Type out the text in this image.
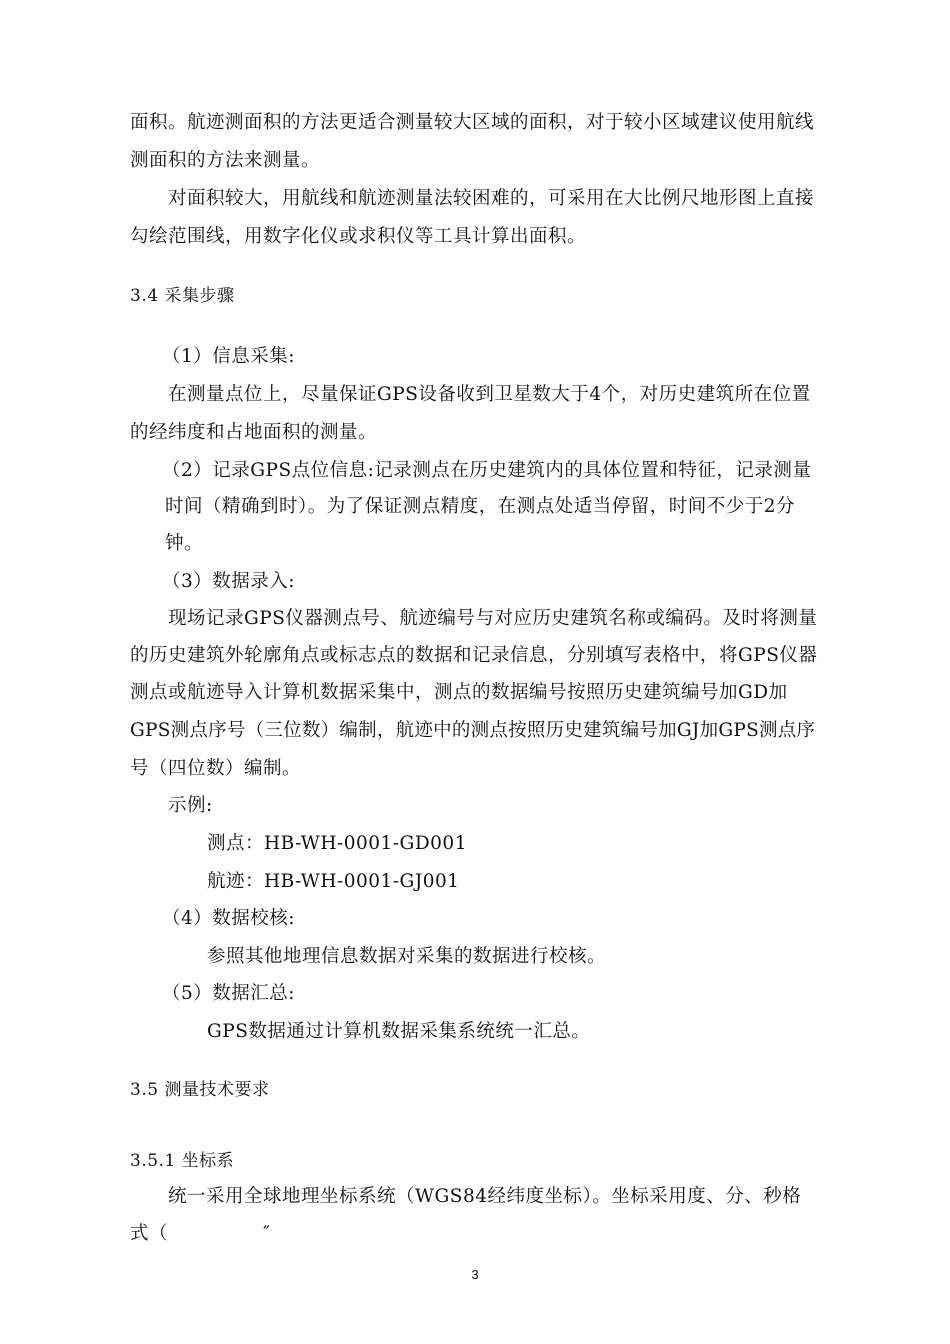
面积。航迹测面积的方法更适合测量较大区域的面积，对于较小区域建议使用航线
测面积的方法来测量。
对面积较大，用航线和航迹测量法较困难的，可采用在大比例尺地形图上直接
勾绘范围线，用数字化仪或求积仪等工具计算出面积。
3.4 采集步骤
（1）信息采集:
在测量点位上，尽量保证GPS设备收到卫星数大于4个，对历史建筑所在位置
的经纬度和占地面积的测量。
（2）记录GPS点位信息:记录测点在历史建筑内的具体位置和特征，记录测量
时间（精确到时）。为了保证测点精度，在测点处适当停留，时间不少于2分
钟。
（3）数据录入:
现场记录GPS仪器测点号、航迹编号与对应历史建筑名称或编码。及时将测量
的历史建筑外轮廓角点或标志点的数据和记录信息，分别填写表格中，将GPS仪器
测点或航迹导入计算机数据采集中，测点的数据编号按照历史建筑编号加GD加
GPS测点序号（三位数）编制，航迹中的测点按照历史建筑编号加GJ加GPS测点序
号（四位数）编制。
示例:
测点：HB-WH-0001-GD001
航迹：HB-WH-0001-GJ001
（4）数据校核:
参照其他地理信息数据对采集的数据进行校核。
（5）数据汇总:
GPS数据通过计算机数据采集系统统一汇总。
3.5 测量技术要求
3.5.1 坐标系
统一采用全球地理坐标系统（WGS84经纬度坐标）。坐标采用度、分、秒格
式（　　　　　″
3
